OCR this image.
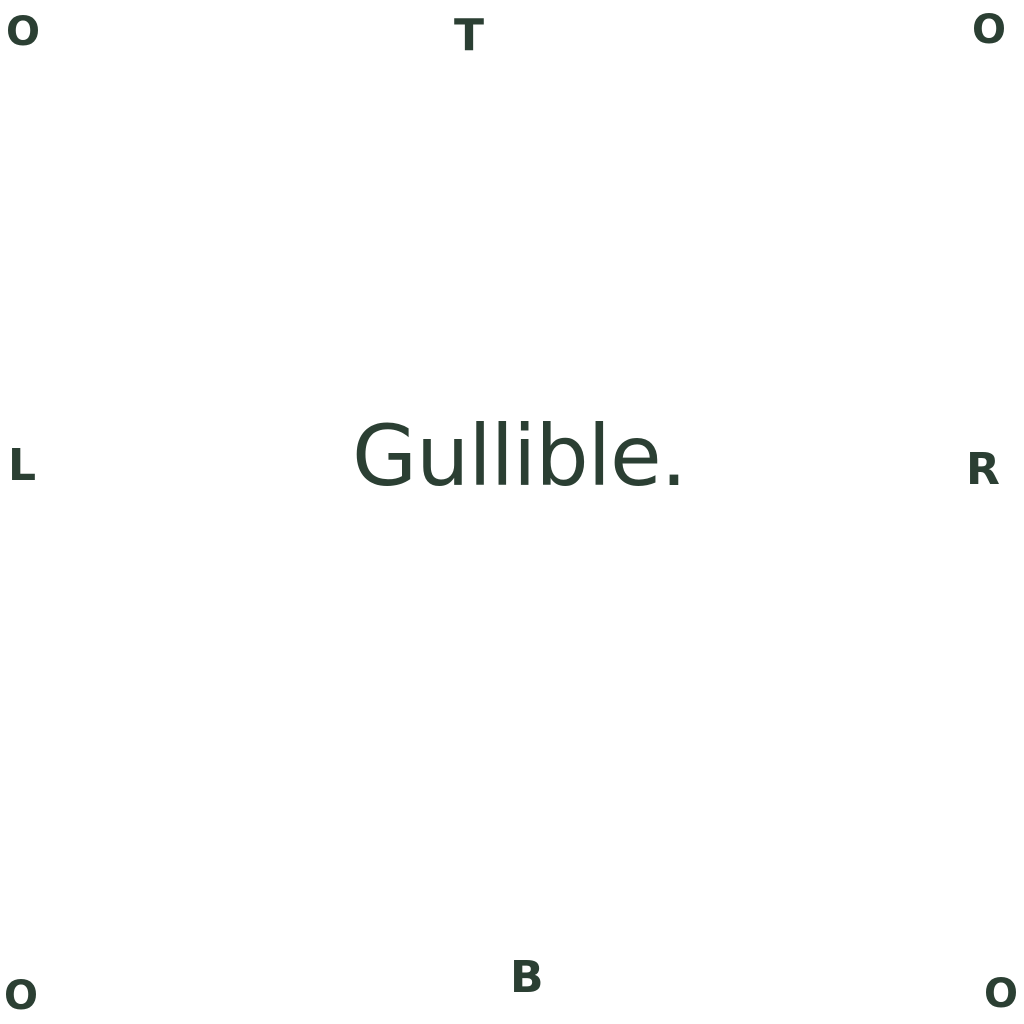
O	T	O
L	Gullible.	R
O	B	O
